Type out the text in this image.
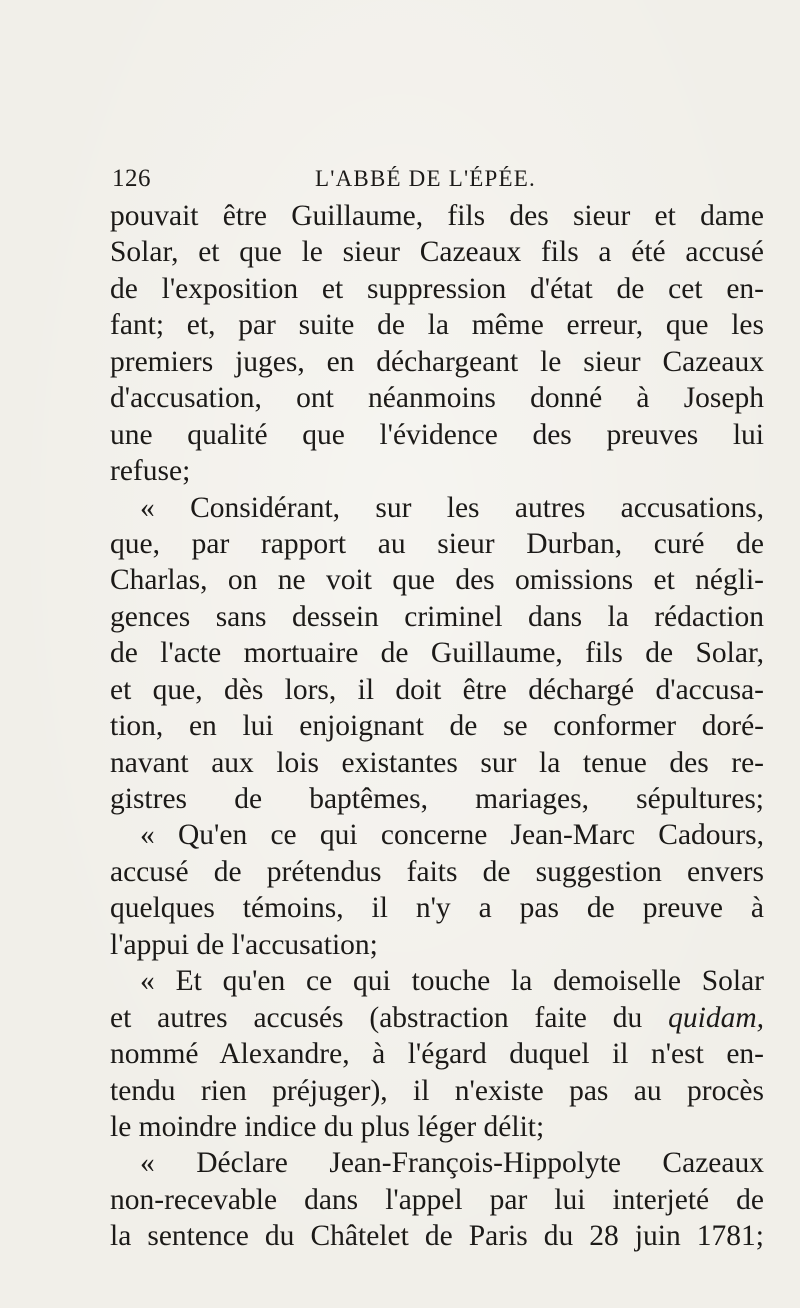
126	L'ABBÉ DE L'ÉPÉE.
pouvait être Guillaume, fils des sieur et dame
Solar, et que le sieur Cazeaux fils a été accusé
de l'exposition et suppression d'état de cet en-
fant; et, par suite de la même erreur, que les
premiers juges, en déchargeant le sieur Cazeaux
d'accusation, ont néanmoins donné à Joseph
une qualité que l'évidence des preuves lui
refuse;
« Considérant, sur les autres accusations,
que, par rapport au sieur Durban, curé de
Charlas, on ne voit que des omissions et négli-
gences sans dessein criminel dans la rédaction
de l'acte mortuaire de Guillaume, fils de Solar,
et que, dès lors, il doit être déchargé d'accusa-
tion, en lui enjoignant de se conformer doré-
navant aux lois existantes sur la tenue des re-
gistres de baptêmes, mariages, sépultures;
« Qu'en ce qui concerne Jean-Marc Cadours,
accusé de prétendus faits de suggestion envers
quelques témoins, il n'y a pas de preuve à
l'appui de l'accusation;
« Et qu'en ce qui touche la demoiselle Solar
et autres accusés (abstraction faite du quidam,
nommé Alexandre, à l'égard duquel il n'est en-
tendu rien préjuger), il n'existe pas au procès
le moindre indice du plus léger délit;
« Déclare Jean-François-Hippolyte Cazeaux
non-recevable dans l'appel par lui interjeté de
la sentence du Châtelet de Paris du 28 juin 1781;
